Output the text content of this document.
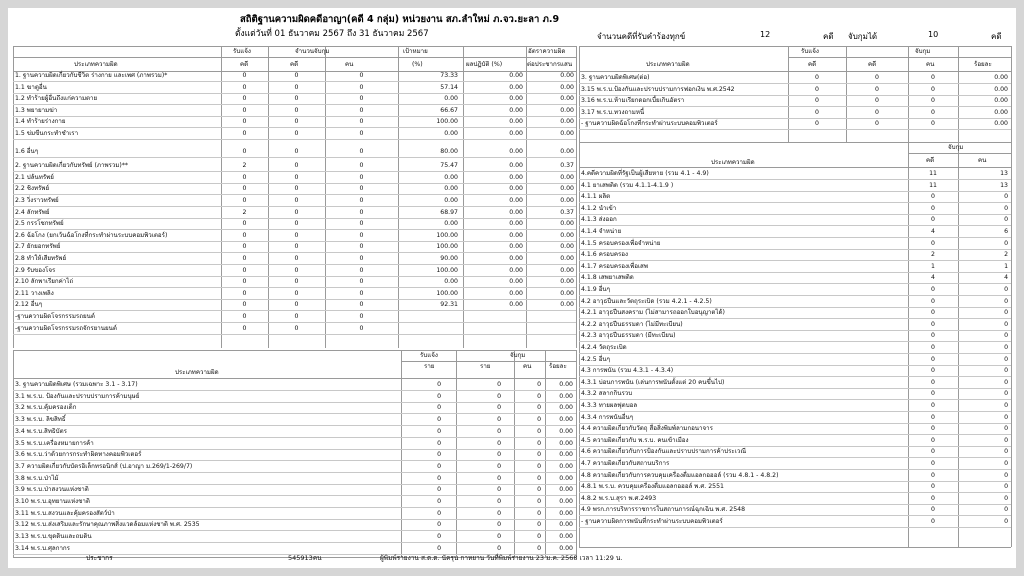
สถิติฐานความผิดคดีอาญา(คดี 4 กลุ่ม) หน่วยงาน สภ.ลำใหม่ ภ.จว.ยะลา ภ.9
ตั้งแต่วันที่ 01 ธันวาคม 2567 ถึง 31 ธันวาคม 2567	จำนวนคดีที่รับคำร้องทุกข์	12	คดี จับกุมได้	10	คดี
ประเภทความผิด
รับแจ้ง	จำนวนจับกุม	เป้าหมาย	อัตราความผิด
คดี	คดี	คน	(%)	ผลปฏิบัติ (%)	ต่อประชากรแสน
1. ฐานความผิดเกี่ยวกับชีวิต ร่างกาย และเพศ (ภาพรวม)*	0	0	0	73.33	0.00	0.00
1.1 ฆาตูอื่น	0	0	0	57.14	0.00	0.00
1.2 ทำร้ายผู้อื่นถึงแก่ความตาย	0	0	0	0.00	0.00	0.00
1.3 พยายามฆ่า	0	0	0	66.67	0.00	0.00
1.4 ทำร้ายร่างกาย	0	0	0	100.00	0.00	0.00
1.5 ข่มขืนกระทำชำเรา	0	0	0	0.00	0.00	0.00
1.6 อื่นๆ	0	0	0	80.00	0.00	0.00
2. ฐานความผิดเกี่ยวกับทรัพย์ (ภาพรวม)**	2	0	0	75.47	0.00	0.37
2.1 ปล้นทรัพย์	0	0	0	0.00	0.00	0.00
2.2 ชิงทรัพย์	0	0	0	0.00	0.00	0.00
2.3 วิ่งราวทรัพย์	0	0	0	0.00	0.00	0.00
2.4 ลักทรัพย์	2	0	0	68.97	0.00	0.37
2.5 กรรโชกทรัพย์	0	0	0	0.00	0.00	0.00
2.6 ฉ้อโกง (ยกเว้นฉ้อโกงที่กระทำผ่านระบบคอมพิวเตอร์)	0	0	0	100.00	0.00	0.00
2.7 ยักยอกทรัพย์	0	0	0	100.00	0.00	0.00
2.8 ทำให้เสียทรัพย์	0	0	0	90.00	0.00	0.00
2.9 รับของโจร	0	0	0	100.00	0.00	0.00
2.10 ลักพาเรียกค่าไถ่	0	0	0	0.00	0.00	0.00
2.11 วางเพลิง	0	0	0	100.00	0.00	0.00
2.12 อื่นๆ	0	0	0	92.31	0.00	0.00
-ฐานความผิดโจรกรรมรถยนต์	0	0	0
-ฐานความผิดโจรกรรมรถจักรยานยนต์	0	0	0
ประเภทความผิด
รับแจ้ง	จับกุม
ราย	ราย	คน	ร้อยละ
3. ฐานความผิดพิเศษ (รวมเฉพาะ 3.1 - 3.17)	0	0	0	0.00
3.1 พ.ร.บ. ป้องกันและปราบปรามการค้ามนุษย์	0	0	0	0.00
3.2 พ.ร.บ.คุ้มครองเด็ก	0	0	0	0.00
3.3 พ.ร.บ. ลิขสิทธิ์	0	0	0	0.00
3.4 พ.ร.บ.สิทธิบัตร	0	0	0	0.00
3.5 พ.ร.บ.เครื่องหมายการค้า	0	0	0	0.00
3.6 พ.ร.บ.ว่าด้วยการกระทำผิดทางคอมพิวเตอร์	0	0	0	0.00
3.7 ความผิดเกี่ยวกับบัตรอิเล็กทรอนิกส์ (ป.อาญา ม.269/1-269/7)	0	0	0	0.00
3.8 พ.ร.บ.ป่าไม้	0	0	0	0.00
3.9 พ.ร.บ.ป่าสงวนแห่งชาติ	0	0	0	0.00
3.10 พ.ร.บ.อุทยานแห่งชาติ	0	0	0	0.00
3.11 พ.ร.บ.สงวนและคุ้มครองสัตว์ป่า	0	0	0	0.00
3.12 พ.ร.บ.ส่งเสริมและรักษาคุณภาพสิ่งแวดล้อมแห่งชาติ พ.ศ. 2535	0	0	0	0.00
3.13 พ.ร.บ.ขุดดินและถมดิน	0	0	0	0.00
3.14 พ.ร.บ.ศุลกากร	0	0	0	0.00
ประเภทความผิด
รับแจ้ง	จับกุม
คดี	คดี	คน	ร้อยละ
3. ฐานความผิดพิเศษ(ต่อ)	0	0	0	0.00
3.15 พ.ร.บ.ป้องกันและปราบปรามการฟอกเงิน พ.ศ.2542	0	0	0	0.00
3.16 พ.ร.บ.ห้ามเรียกดอกเบี้ยเกินอัตรา	0	0	0	0.00
3.17 พ.ร.บ.ทวงถามหนี้	0	0	0	0.00
- ฐานความผิดฉ้อโกงที่กระทำผ่านระบบคอมพิวเตอร์	0	0	0	0.00
ประเภทความผิด
จับกุม
คดี	คน
4.คดีความผิดที่รัฐเป็นผู้เสียหาย (รวม 4.1 - 4.9)	11	13
4.1 ยาเสพติด (รวม 4.1.1-4.1.9 )	11	13
4.1.1 ผลิต	0	0
4.1.2 นำเข้า	0	0
4.1.3 ส่งออก	0	0
4.1.4 จำหน่าย	4	6
4.1.5 ครอบครองเพื่อจำหน่าย	0	0
4.1.6 ครอบครอง	2	2
4.1.7 ครอบครองเพื่อเสพ	1	1
4.1.8 เสพยาเสพติด	4	4
4.1.9 อื่นๆ	0	0
4.2 อาวุธปืนและวัตถุระเบิด (รวม 4.2.1 - 4.2.5)	0	0
4.2.1 อาวุธปืนสงคราม (ไม่สามารถออกใบอนุญาตได้)	0	0
4.2.2 อาวุธปืนธรรมดา (ไม่มีทะเบียน)	0	0
4.2.3 อาวุธปืนธรรมดา (มีทะเบียน)	0	0
4.2.4 วัตถุระเบิด	0	0
4.2.5 อื่นๆ	0	0
4.3 การพนัน (รวม 4.3.1 - 4.3.4)	0	0
4.3.1 บ่อนการพนัน (เล่นการพนันตั้งแต่ 20 คนขึ้นไป)	0	0
4.3.2 สลากกินรวบ	0	0
4.3.3 ทายผลฟุตบอล	0	0
4.3.4 การพนันอื่นๆ	0	0
4.4 ความผิดเกี่ยวกับวัตถุ สื่อสิ่งพิมพ์ลามกอนาจาร	0	0
4.5 ความผิดเกี่ยวกับ พ.ร.บ. คนเข้าเมือง	0	0
4.6 ความผิดเกี่ยวกับการป้องกันและปราบปรามการค้าประเวณี	0	0
4.7 ความผิดเกี่ยวกับสถานบริการ	0	0
4.8 ความผิดเกี่ยวกับการควบคุมเครื่องดื่มแอลกอฮอล์ (รวม 4.8.1 - 4.8.2)	0	0
4.8.1 พ.ร.บ. ควบคุมเครื่องดื่มแอลกอฮอล์ พ.ศ. 2551	0	0
4.8.2 พ.ร.บ.สุรา พ.ศ.2493	0	0
4.9 พรก.การบริหารราชการในสถานการณ์ฉุกเฉิน พ.ศ. 2548	0	0
- ฐานความผิดการพนันที่กระทำผ่านระบบคอมพิวเตอร์	0	0
ประชากร	545913คน	ผู้พิมพ์รายงาน ส.ต.ต. นัครุน กาหยาน วันที่พิมพ์รายงาน 23 ม.ค. 2568 เวลา 11:29 น.
